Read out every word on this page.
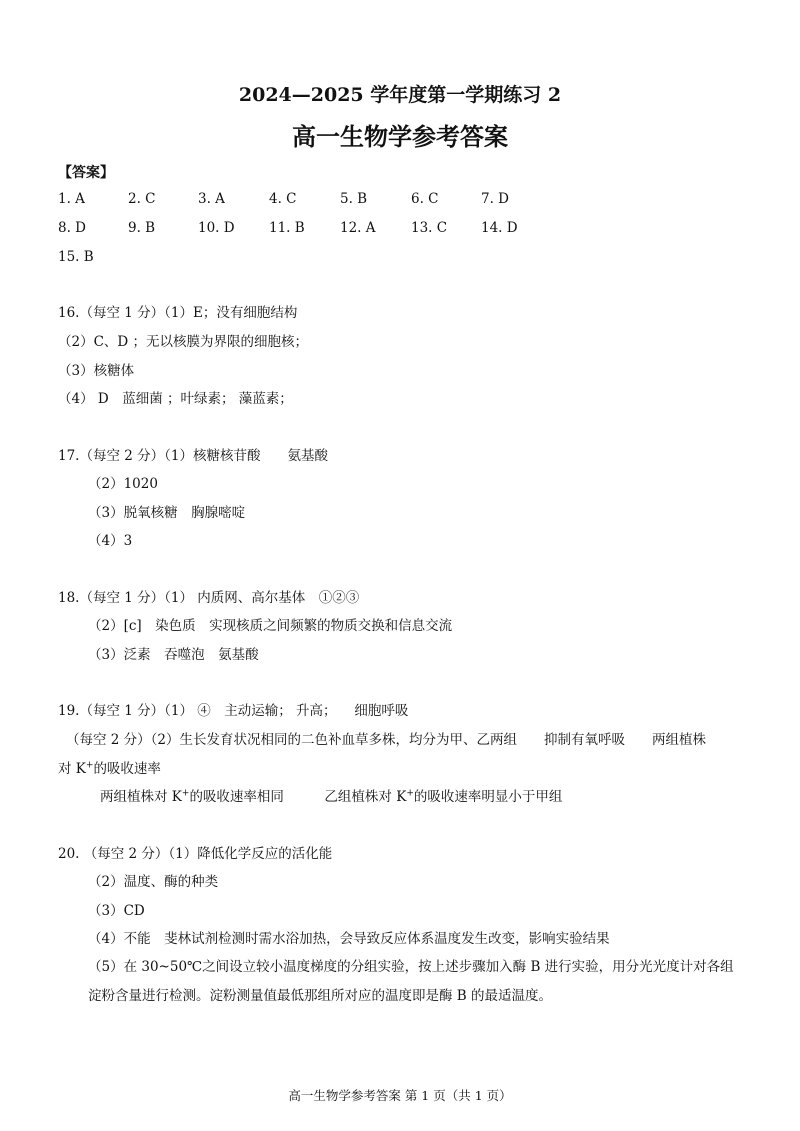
2024—2025 学年度第一学期练习 2
高一生物学参考答案
【答案】
1. A	2. C	3. A	4. C	5. B	6. C	7. D
8. D	9. B	10. D	11. B	12. A	13. C	14. D
15. B
16.（每空 1 分）（1）E；没有细胞结构
（2）C、D ；无以核膜为界限的细胞核；
（3）核糖体
（4） D　蓝细菌 ；叶绿素； 藻蓝素；
17.（每空 2 分）（1）核糖核苷酸　　氨基酸
（2）1020
（3）脱氧核糖　胸腺嘧啶
（4）3
18.（每空 1 分）（1） 内质网、高尔基体　①②③
（2）[c]　染色质　实现核质之间频繁的物质交换和信息交流
（3）泛素　吞噬泡　氨基酸
19.（每空 1 分）（1） ④　主动运输； 升高； 　细胞呼吸
（每空 2 分）（2）生长发育状况相同的二色补血草多株，均分为甲、乙两组　　抑制有氧呼吸　　两组植株
对 K+的吸收速率
两组植株对 K+的吸收速率相同　　　乙组植株对 K+的吸收速率明显小于甲组
20. （每空 2 分）（1）降低化学反应的活化能
（2）温度、酶的种类
（3）CD
（4）不能　斐林试剂检测时需水浴加热，会导致反应体系温度发生改变，影响实验结果
（5）在 30~50℃之间设立较小温度梯度的分组实验，按上述步骤加入酶 B 进行实验，用分光光度计对各组
淀粉含量进行检测。淀粉测量值最低那组所对应的温度即是酶 B 的最适温度。
高一生物学参考答案 第 1 页（共 1 页）
